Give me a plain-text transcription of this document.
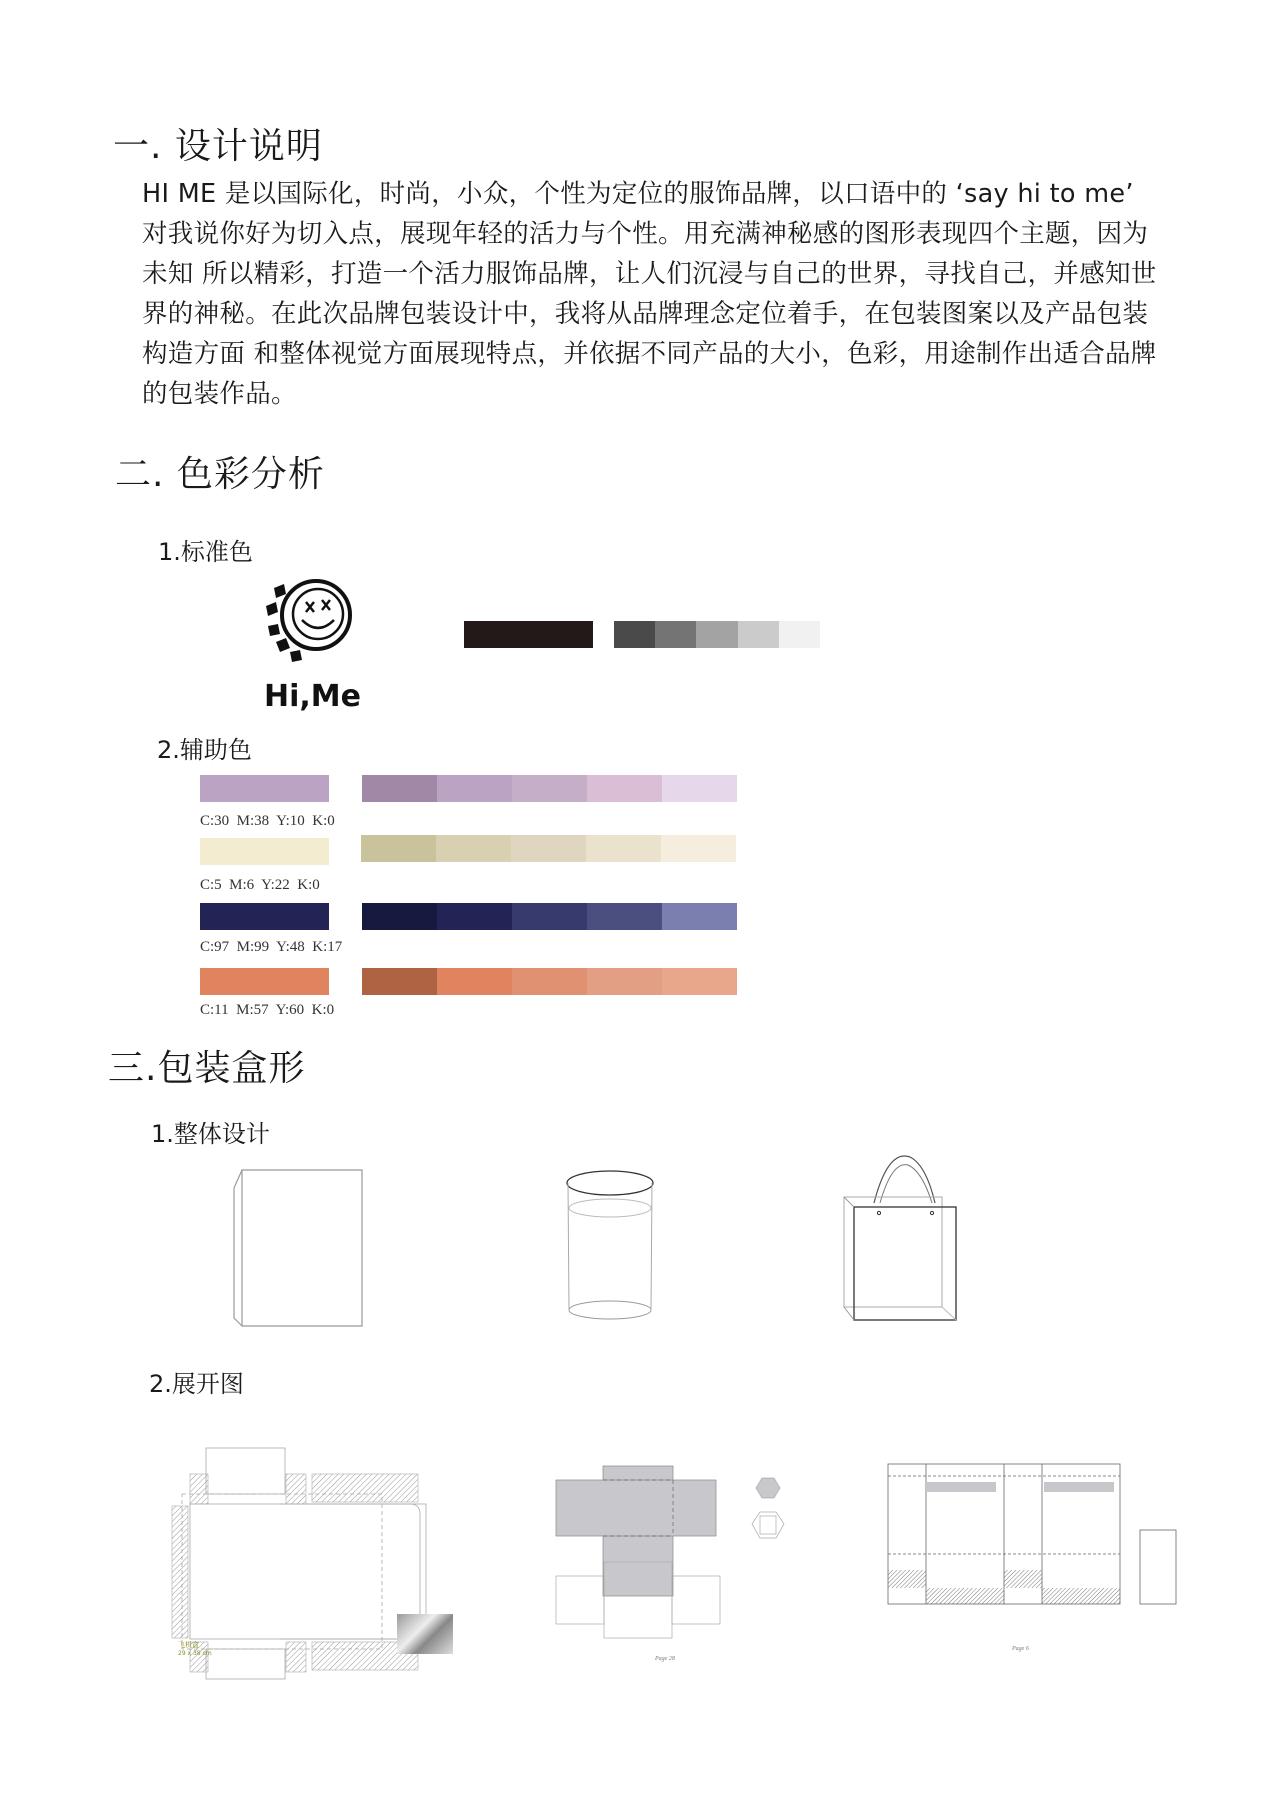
一. 设计说明
HI ME 是以国际化，时尚，小众，个性为定位的服饰品牌，以口语中的 ‘say hi to me’
对我说你好为切入点，展现年轻的活力与个性。用充满神秘感的图形表现四个主题，因为
未知 所以精彩，打造一个活力服饰品牌，让人们沉浸与自己的世界，寻找自己，并感知世
界的神秘。在此次品牌包装设计中，我将从品牌理念定位着手，在包装图案以及产品包装
构造方面 和整体视觉方面展现特点，并依据不同产品的大小，色彩，用途制作出适合品牌
的包装作品。
二. 色彩分析
1.标准色
Hi,Me
2.辅助色
C:30  M:38  Y:10  K:0
C:5  M:6  Y:22  K:0
C:97  M:99  Y:48  K:17
C:11  M:57  Y:60  K:0
三.包装盒形
1.整体设计
2.展开图
飞机盒
29 x 38 cm
Page 28
Page 6
